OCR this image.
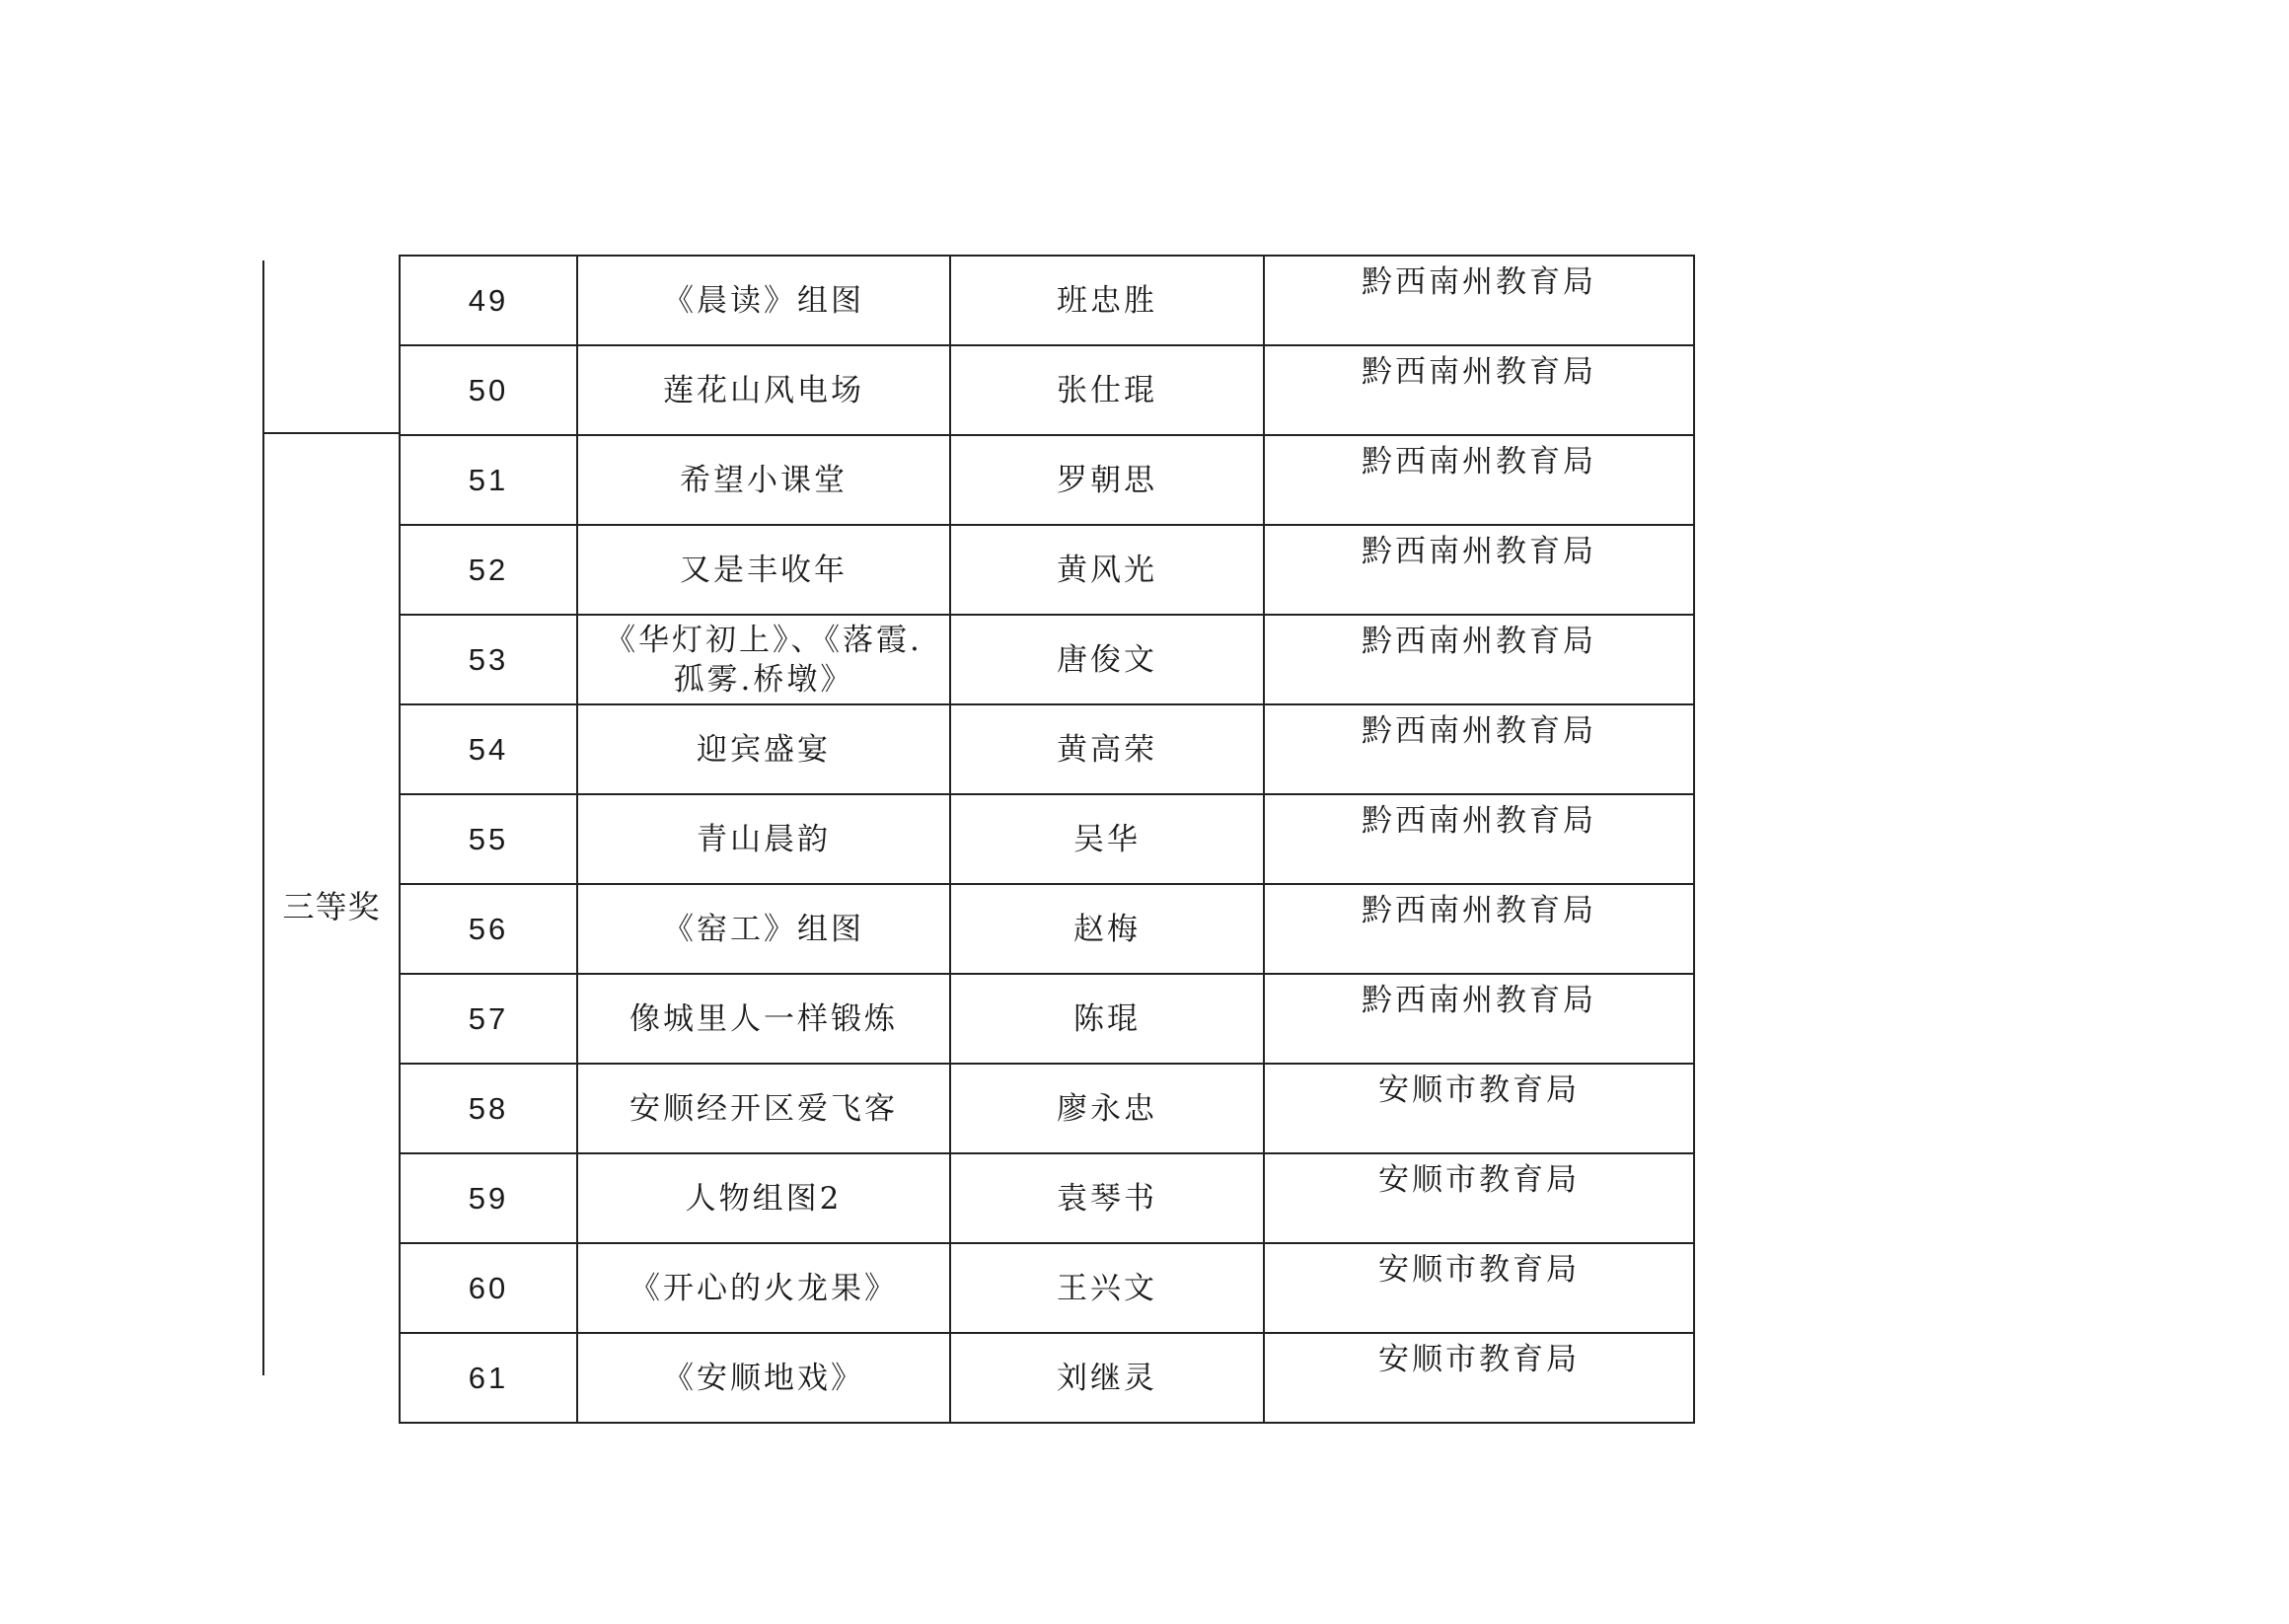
三等奖
49	《晨读》组图	班忠胜	黔西南州教育局
50	莲花山风电场	张仕琨	黔西南州教育局
51	希望小课堂	罗朝思	黔西南州教育局
52	又是丰收年	黄风光	黔西南州教育局
53	《华灯初上》、《落霞.孤雾.桥墩》	唐俊文	黔西南州教育局
54	迎宾盛宴	黄高荣	黔西南州教育局
55	青山晨韵	吴华	黔西南州教育局
56	《窑工》组图	赵梅	黔西南州教育局
57	像城里人一样锻炼	陈琨	黔西南州教育局
58	安顺经开区爱飞客	廖永忠	安顺市教育局
59	人物组图2	袁琴书	安顺市教育局
60	《开心的火龙果》	王兴文	安顺市教育局
61	《安顺地戏》	刘继灵	安顺市教育局
